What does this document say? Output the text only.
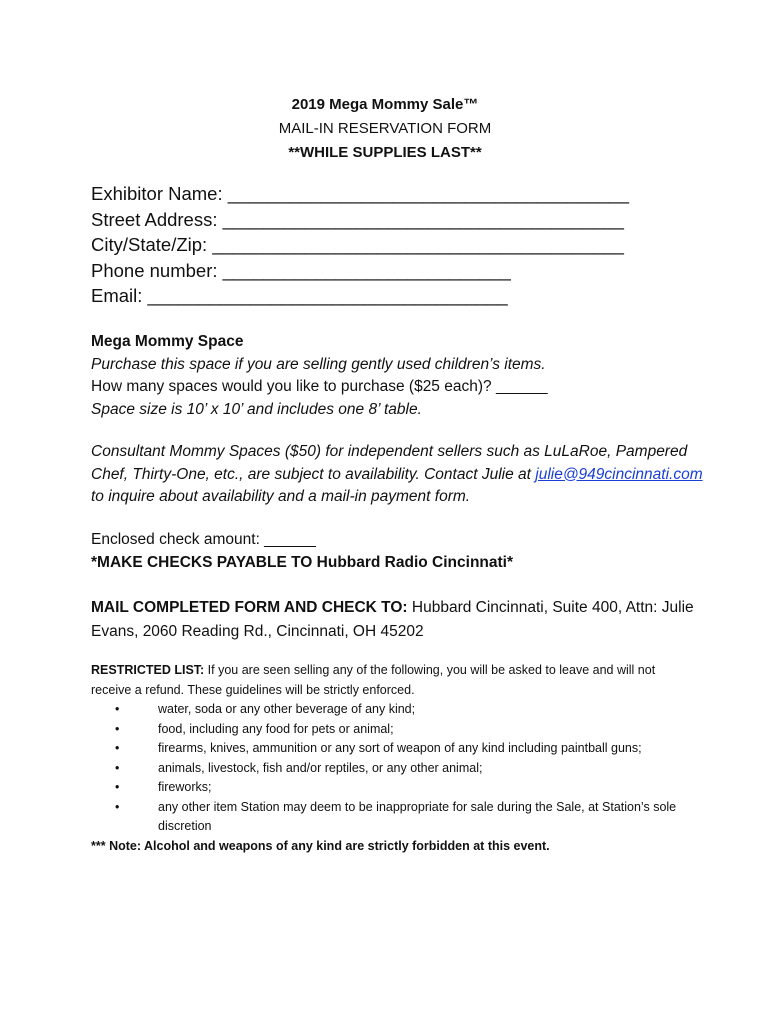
2019 Mega Mommy Sale™
MAIL-IN RESERVATION FORM
**WHILE SUPPLIES LAST**
Exhibitor Name: _______________________________________
Street Address: _______________________________________
City/State/Zip: ________________________________________
Phone number: ____________________________
Email: ___________________________________
Mega Mommy Space
Purchase this space if you are selling gently used children’s items.
How many spaces would you like to purchase ($25 each)? ______
Space size is 10’ x 10’ and includes one 8’ table.
Consultant Mommy Spaces ($50) for independent sellers such as LuLaRoe, Pampered Chef, Thirty-One, etc., are subject to availability. Contact Julie at julie@949cincinnati.com to inquire about availability and a mail-in payment form.
Enclosed check amount: ______
*MAKE CHECKS PAYABLE TO Hubbard Radio Cincinnati*
MAIL COMPLETED FORM AND CHECK TO: Hubbard Cincinnati, Suite 400, Attn: Julie Evans, 2060 Reading Rd., Cincinnati, OH 45202
RESTRICTED LIST: If you are seen selling any of the following, you will be asked to leave and will not receive a refund. These guidelines will be strictly enforced.
•	water, soda or any other beverage of any kind;
•	food, including any food for pets or animal;
•	firearms, knives, ammunition or any sort of weapon of any kind including paintball guns;
•	animals, livestock, fish and/or reptiles, or any other animal;
•	fireworks;
•	any other item Station may deem to be inappropriate for sale during the Sale, at Station’s sole discretion
*** Note: Alcohol and weapons of any kind are strictly forbidden at this event.
